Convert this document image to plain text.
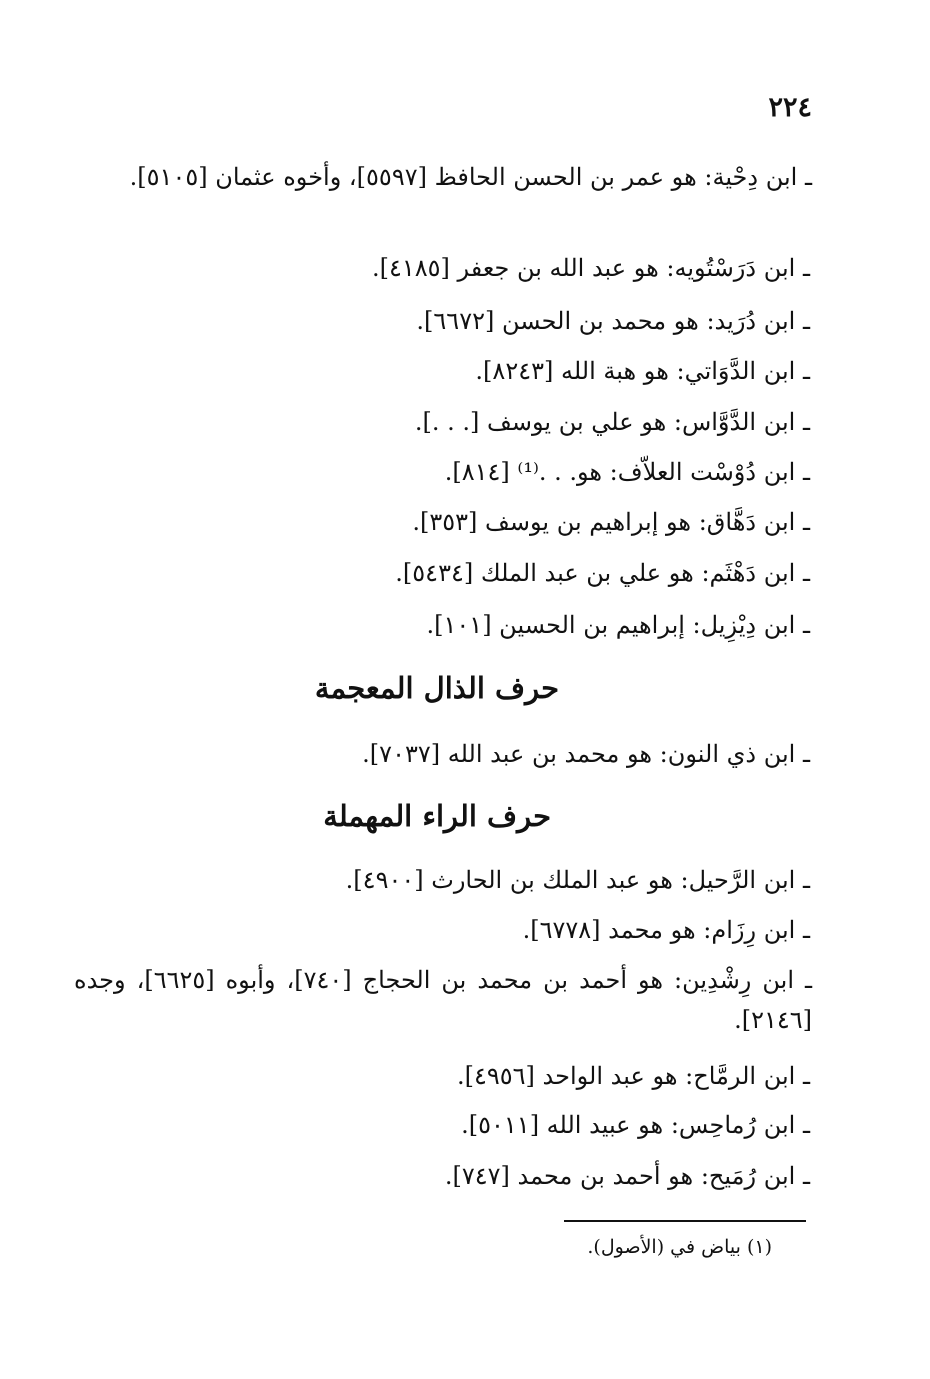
٢٢٤
ـ ابن دِحْية: هو عمر بن الحسن الحافظ [٥٥٩٧]، وأخوه عثمان [٥١٠٥].
ـ ابن دَرَسْتُويه: هو عبد الله بن جعفر [٤١٨٥].
ـ ابن دُرَيد: هو محمد بن الحسن [٦٦٧٢].
ـ ابن الدَّوَاتي: هو هبة الله [٨٢٤٣].
ـ ابن الدَّوَّاس: هو علي بن يوسف [. . .].
ـ ابن دُوْسْت العلاّف: هو. . .⁽¹⁾ [٨١٤].
ـ ابن دَهَّاق: هو إبراهيم بن يوسف [٣٥٣].
ـ ابن دَهْثَم: هو علي بن عبد الملك [٥٤٣٤].
ـ ابن دِيْزِيل: إبراهيم بن الحسين [١٠١].
حرف الذال المعجمة
ـ ابن ذي النون: هو محمد بن عبد الله [٧٠٣٧].
حرف الراء المهملة
ـ ابن الرَّحيل: هو عبد الملك بن الحارث [٤٩٠٠].
ـ ابن رِزَام: هو محمد [٦٧٧٨].
ـ ابن رِشْدِين: هو أحمد بن محمد بن الحجاج [٧٤٠]، وأبوه [٦٦٢٥]، وجده [٢١٤٦].
ـ ابن الرمَّاح: هو عبد الواحد [٤٩٥٦].
ـ ابن رُماحِس: هو عبيد الله [٥٠١١].
ـ ابن رُمَيح: هو أحمد بن محمد [٧٤٧].
(١) بياض في (الأصول).
